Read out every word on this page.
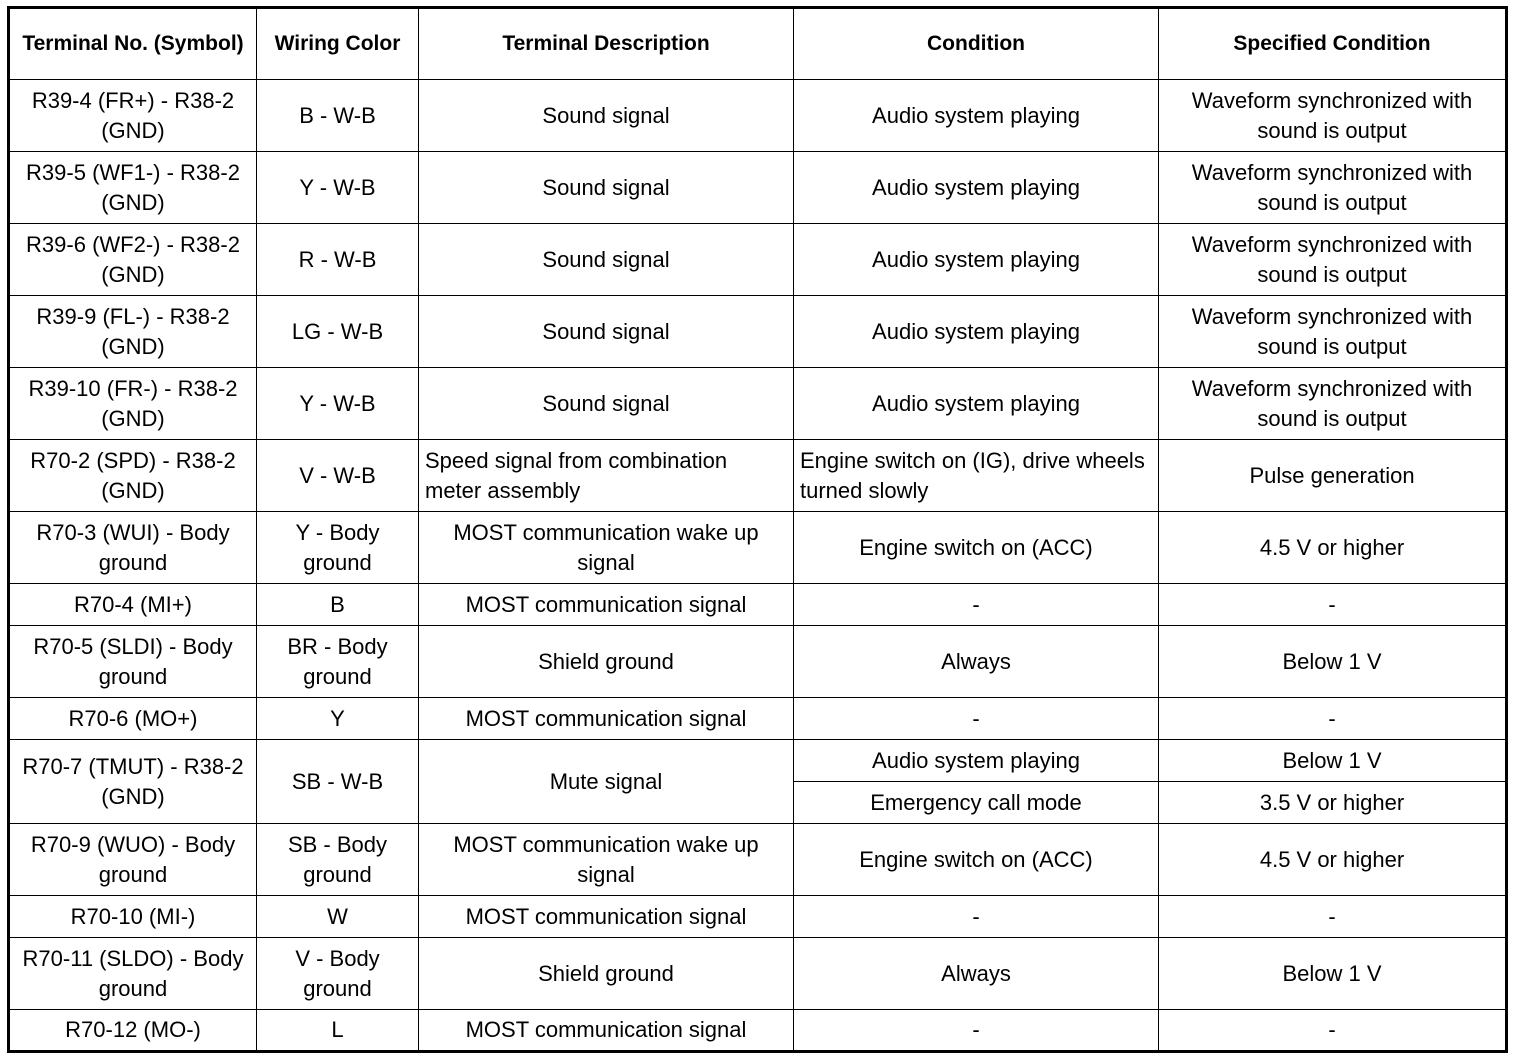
Terminal No. (Symbol)	Wiring Color	Terminal Description	Condition	Specified Condition
R39-4 (FR+) - R38-2 (GND)	B - W-B	Sound signal	Audio system playing	Waveform synchronized with sound is output
R39-5 (WF1-) - R38-2 (GND)	Y - W-B	Sound signal	Audio system playing	Waveform synchronized with sound is output
R39-6 (WF2-) - R38-2 (GND)	R - W-B	Sound signal	Audio system playing	Waveform synchronized with sound is output
R39-9 (FL-) - R38-2 (GND)	LG - W-B	Sound signal	Audio system playing	Waveform synchronized with sound is output
R39-10 (FR-) - R38-2 (GND)	Y - W-B	Sound signal	Audio system playing	Waveform synchronized with sound is output
R70-2 (SPD) - R38-2 (GND)	V - W-B	Speed signal from combination meter assembly	Engine switch on (IG), drive wheels turned slowly	Pulse generation
R70-3 (WUI) - Body ground	Y - Body ground	MOST communication wake up signal	Engine switch on (ACC)	4.5 V or higher
R70-4 (MI+)	B	MOST communication signal	-	-
R70-5 (SLDI) - Body ground	BR - Body ground	Shield ground	Always	Below 1 V
R70-6 (MO+)	Y	MOST communication signal	-	-
R70-7 (TMUT) - R38-2 (GND)	SB - W-B	Mute signal	Audio system playing	Below 1 V
			Emergency call mode	3.5 V or higher
R70-9 (WUO) - Body ground	SB - Body ground	MOST communication wake up signal	Engine switch on (ACC)	4.5 V or higher
R70-10 (MI-)	W	MOST communication signal	-	-
R70-11 (SLDO) - Body ground	V - Body ground	Shield ground	Always	Below 1 V
R70-12 (MO-)	L	MOST communication signal	-	-
